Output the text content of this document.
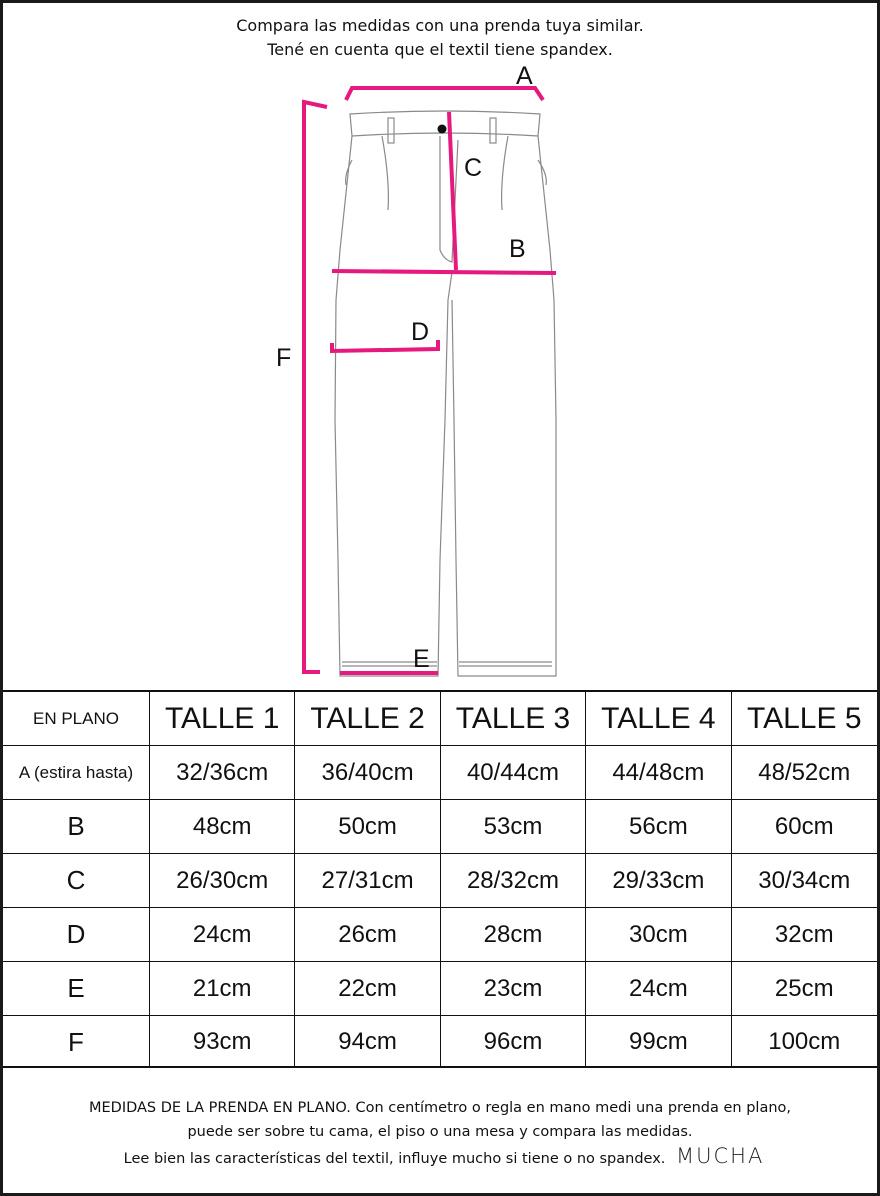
Compara las medidas con una prenda tuya similar.
Tené en cuenta que el textil tiene spandex.
A
C
B
D
F
E
EN PLANO	TALLE 1	TALLE 2	TALLE 3	TALLE 4	TALLE 5
A (estira hasta)	32/36cm	36/40cm	40/44cm	44/48cm	48/52cm
B	48cm	50cm	53cm	56cm	60cm
C	26/30cm	27/31cm	28/32cm	29/33cm	30/34cm
D	24cm	26cm	28cm	30cm	32cm
E	21cm	22cm	23cm	24cm	25cm
F	93cm	94cm	96cm	99cm	100cm
MEDIDAS DE LA PRENDA EN PLANO. Con centímetro o regla en mano medi una prenda en plano,
puede ser sobre tu cama, el piso o una mesa y compara las medidas.
Lee bien las características del textil, influye mucho si tiene o no spandex. MUCHA
